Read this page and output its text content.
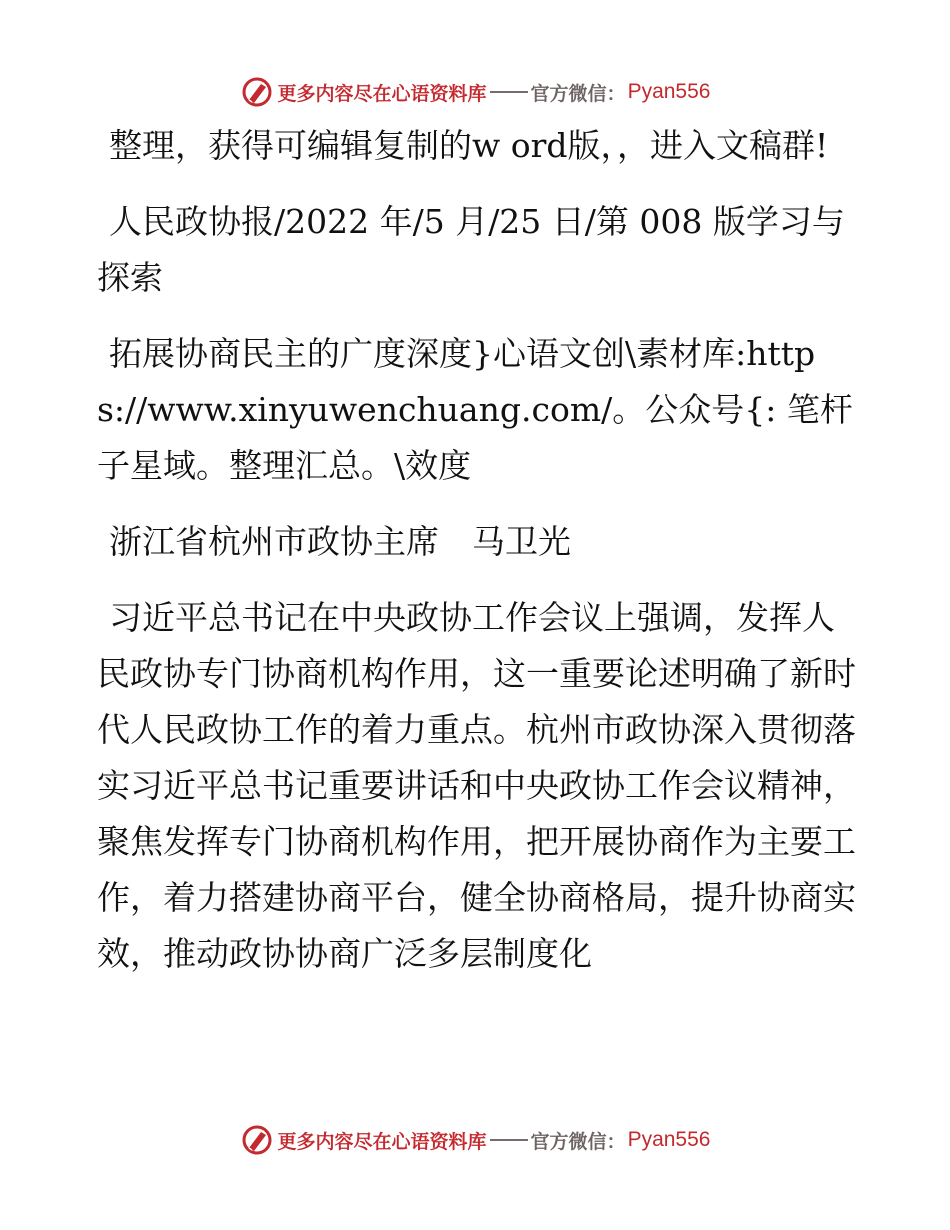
更多内容尽在心语资料库 官方微信： Pyan556

整理，获得可编辑复制的w ord版，，进入文稿群!

人民政协报/2022 年/5 月/25 日/第 008 版学习与探索

拓展协商民主的广度深度}心语文创\素材库:https://www.xinyuwenchuang.com/。公众号{: 笔杆子星域。整理汇总。\效度

浙江省杭州市政协主席　马卫光

习近平总书记在中央政协工作会议上强调，发挥人民政协专门协商机构作用，这一重要论述明确了新时代人民政协工作的着力重点。杭州市政协深入贯彻落实习近平总书记重要讲话和中央政协工作会议精神，聚焦发挥专门协商机构作用，把开展协商作为主要工作，着力搭建协商平台，健全协商格局，提升协商实效，推动政协协商广泛多层制度化

更多内容尽在心语资料库 官方微信： Pyan556
